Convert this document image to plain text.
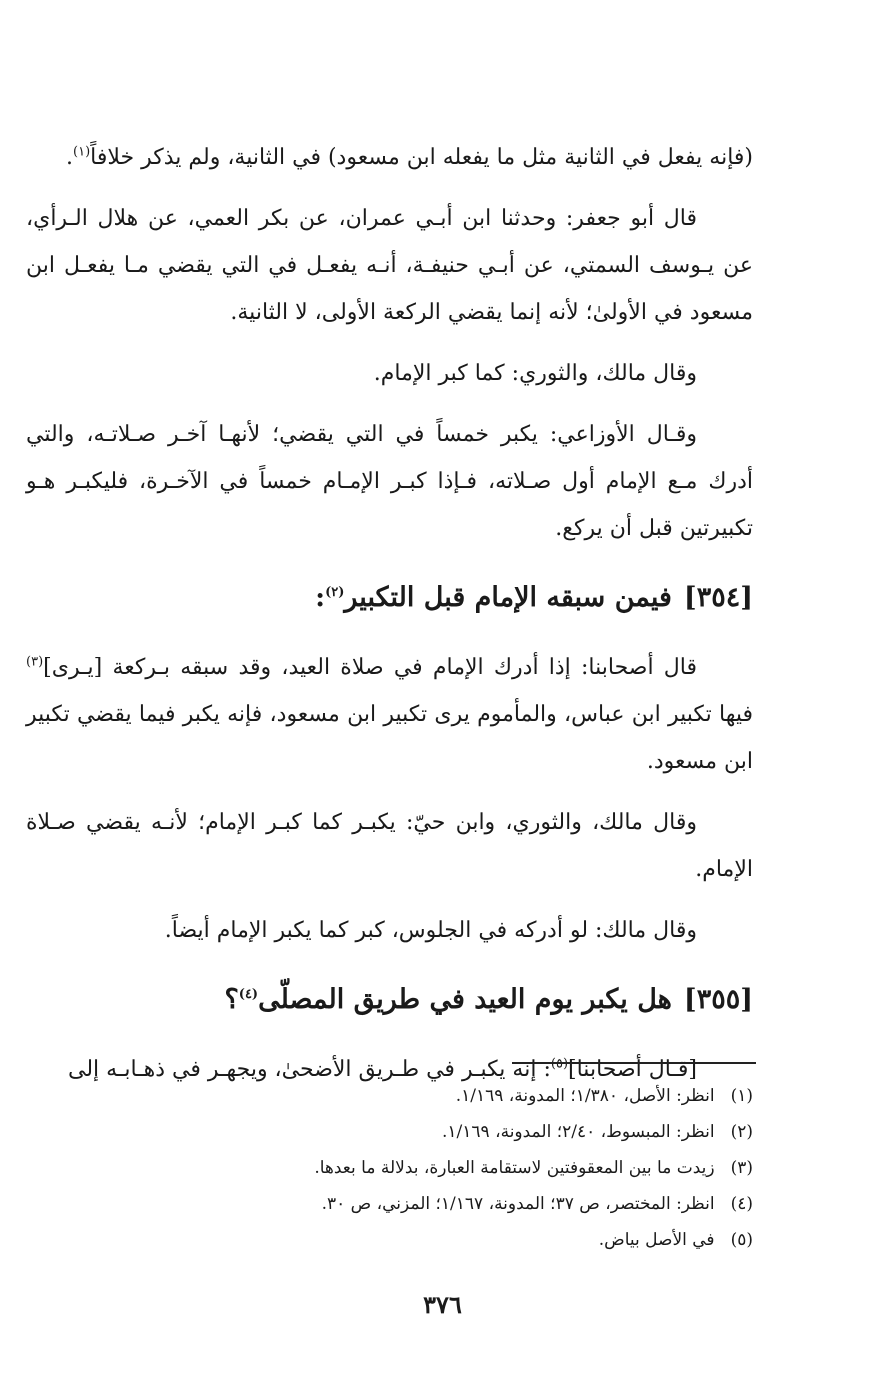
(فإنه يفعل في الثانية مثل ما يفعله ابن مسعود) في الثانية، ولم يذكر خلافاً$^{(١)}$.

قال أبو جعفر: وحدثنا ابن أبـي عمران، عن بكر العمي، عن هلال الـرأي، عن يـوسف السمتي، عن أبـي حنيفـة، أنـه يفعـل في التي يقضي مـا يفعـل ابن مسعود في الأولىٰ؛ لأنه إنما يقضي الركعة الأولى، لا الثانية.

وقال مالك، والثوري: كما كبر الإمام.

وقـال الأوزاعي: يكبر خمساً في التي يقضي؛ لأنهـا آخـر صـلاتـه، والتي أدرك مـع الإمام أول صـلاته، فـإذا كبـر الإمـام خمساً في الآخـرة، فليكبـر هـو تكبيرتين قبل أن يركع.

[٣٥٤]فيمن سبقه الإمام قبل التكبير$^{(٢)}$:

قال أصحابنا: إذا أدرك الإمام في صلاة العيد، وقد سبقه بـركعة [يـرى]$^{(٣)}$ فيها تكبير ابن عباس، والمأموم يرى تكبير ابن مسعود، فإنه يكبر فيما يقضي تكبير ابن مسعود.

وقال مالك، والثوري، وابن حيّ: يكبـر كما كبـر الإمام؛ لأنـه يقضي صـلاة الإمام.

وقال مالك: لو أدركه في الجلوس، كبر كما يكبر الإمام أيضاً.

[٣٥٥]هل يكبر يوم العيد في طريق المصلّى$^{(٤)}$؟

[قـال أصحابنا]$^{(٥)}$: إنه يكبـر في طـريق الأضحىٰ، ويجهـر في ذهـابـه إلى

(١)انظر: الأصل، ١/٣٨٠؛ المدونة، ١/١٦٩.
(٢)انظر: المبسوط، ٢/٤٠؛ المدونة، ١/١٦٩.
(٣)زيدت ما بين المعقوفتين لاستقامة العبارة، بدلالة ما بعدها.
(٤)انظر: المختصر، ص ٣٧؛ المدونة، ١/١٦٧؛ المزني، ص ٣٠.
(٥)في الأصل بياض.
٣٧٦
